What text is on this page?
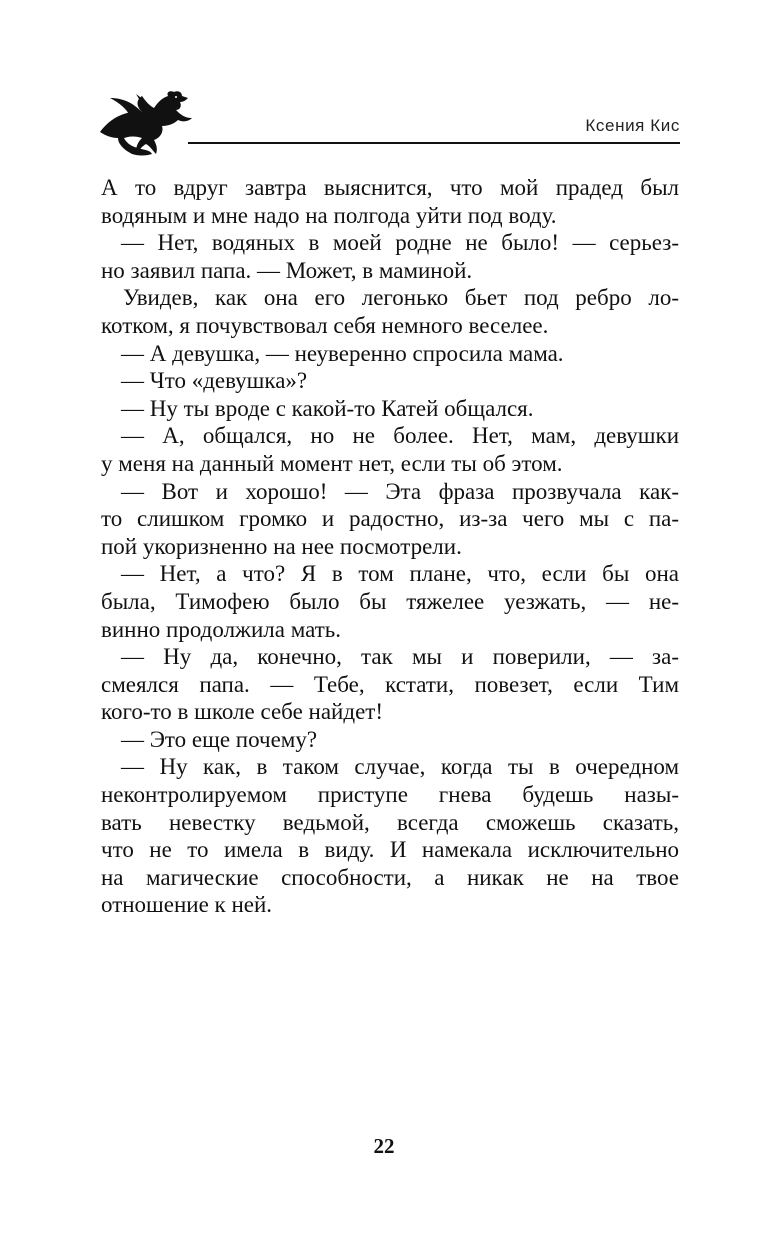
Ксения Кис
А то вдруг завтра выяснится, что мой прадед был
водяным и мне надо на полгода уйти под воду.
— Нет, водяных в моей родне не было! — серьез-
но заявил папа. — Может, в маминой.
Увидев, как она его легонько бьет под ребро ло-
котком, я почувствовал себя немного веселее.
— А девушка, — неуверенно спросила мама.
— Что «девушка»?
— Ну ты вроде с какой-то Катей общался.
— А, общался, но не более. Нет, мам, девушки
у меня на данный момент нет, если ты об этом.
— Вот и хорошо! — Эта фраза прозвучала как-
то слишком громко и радостно, из-за чего мы с па-
пой укоризненно на нее посмотрели.
— Нет, а что? Я в том плане, что, если бы она
была, Тимофею было бы тяжелее уезжать, — не-
винно продолжила мать.
— Ну да, конечно, так мы и поверили, — за-
смеялся папа. — Тебе, кстати, повезет, если Тим
кого-то в школе себе найдет!
— Это еще почему?
— Ну как, в таком случае, когда ты в очередном
неконтролируемом приступе гнева будешь назы-
вать невестку ведьмой, всегда сможешь сказать,
что не то имела в виду. И намекала исключительно
на магические способности, а никак не на твое
отношение к ней.
22
